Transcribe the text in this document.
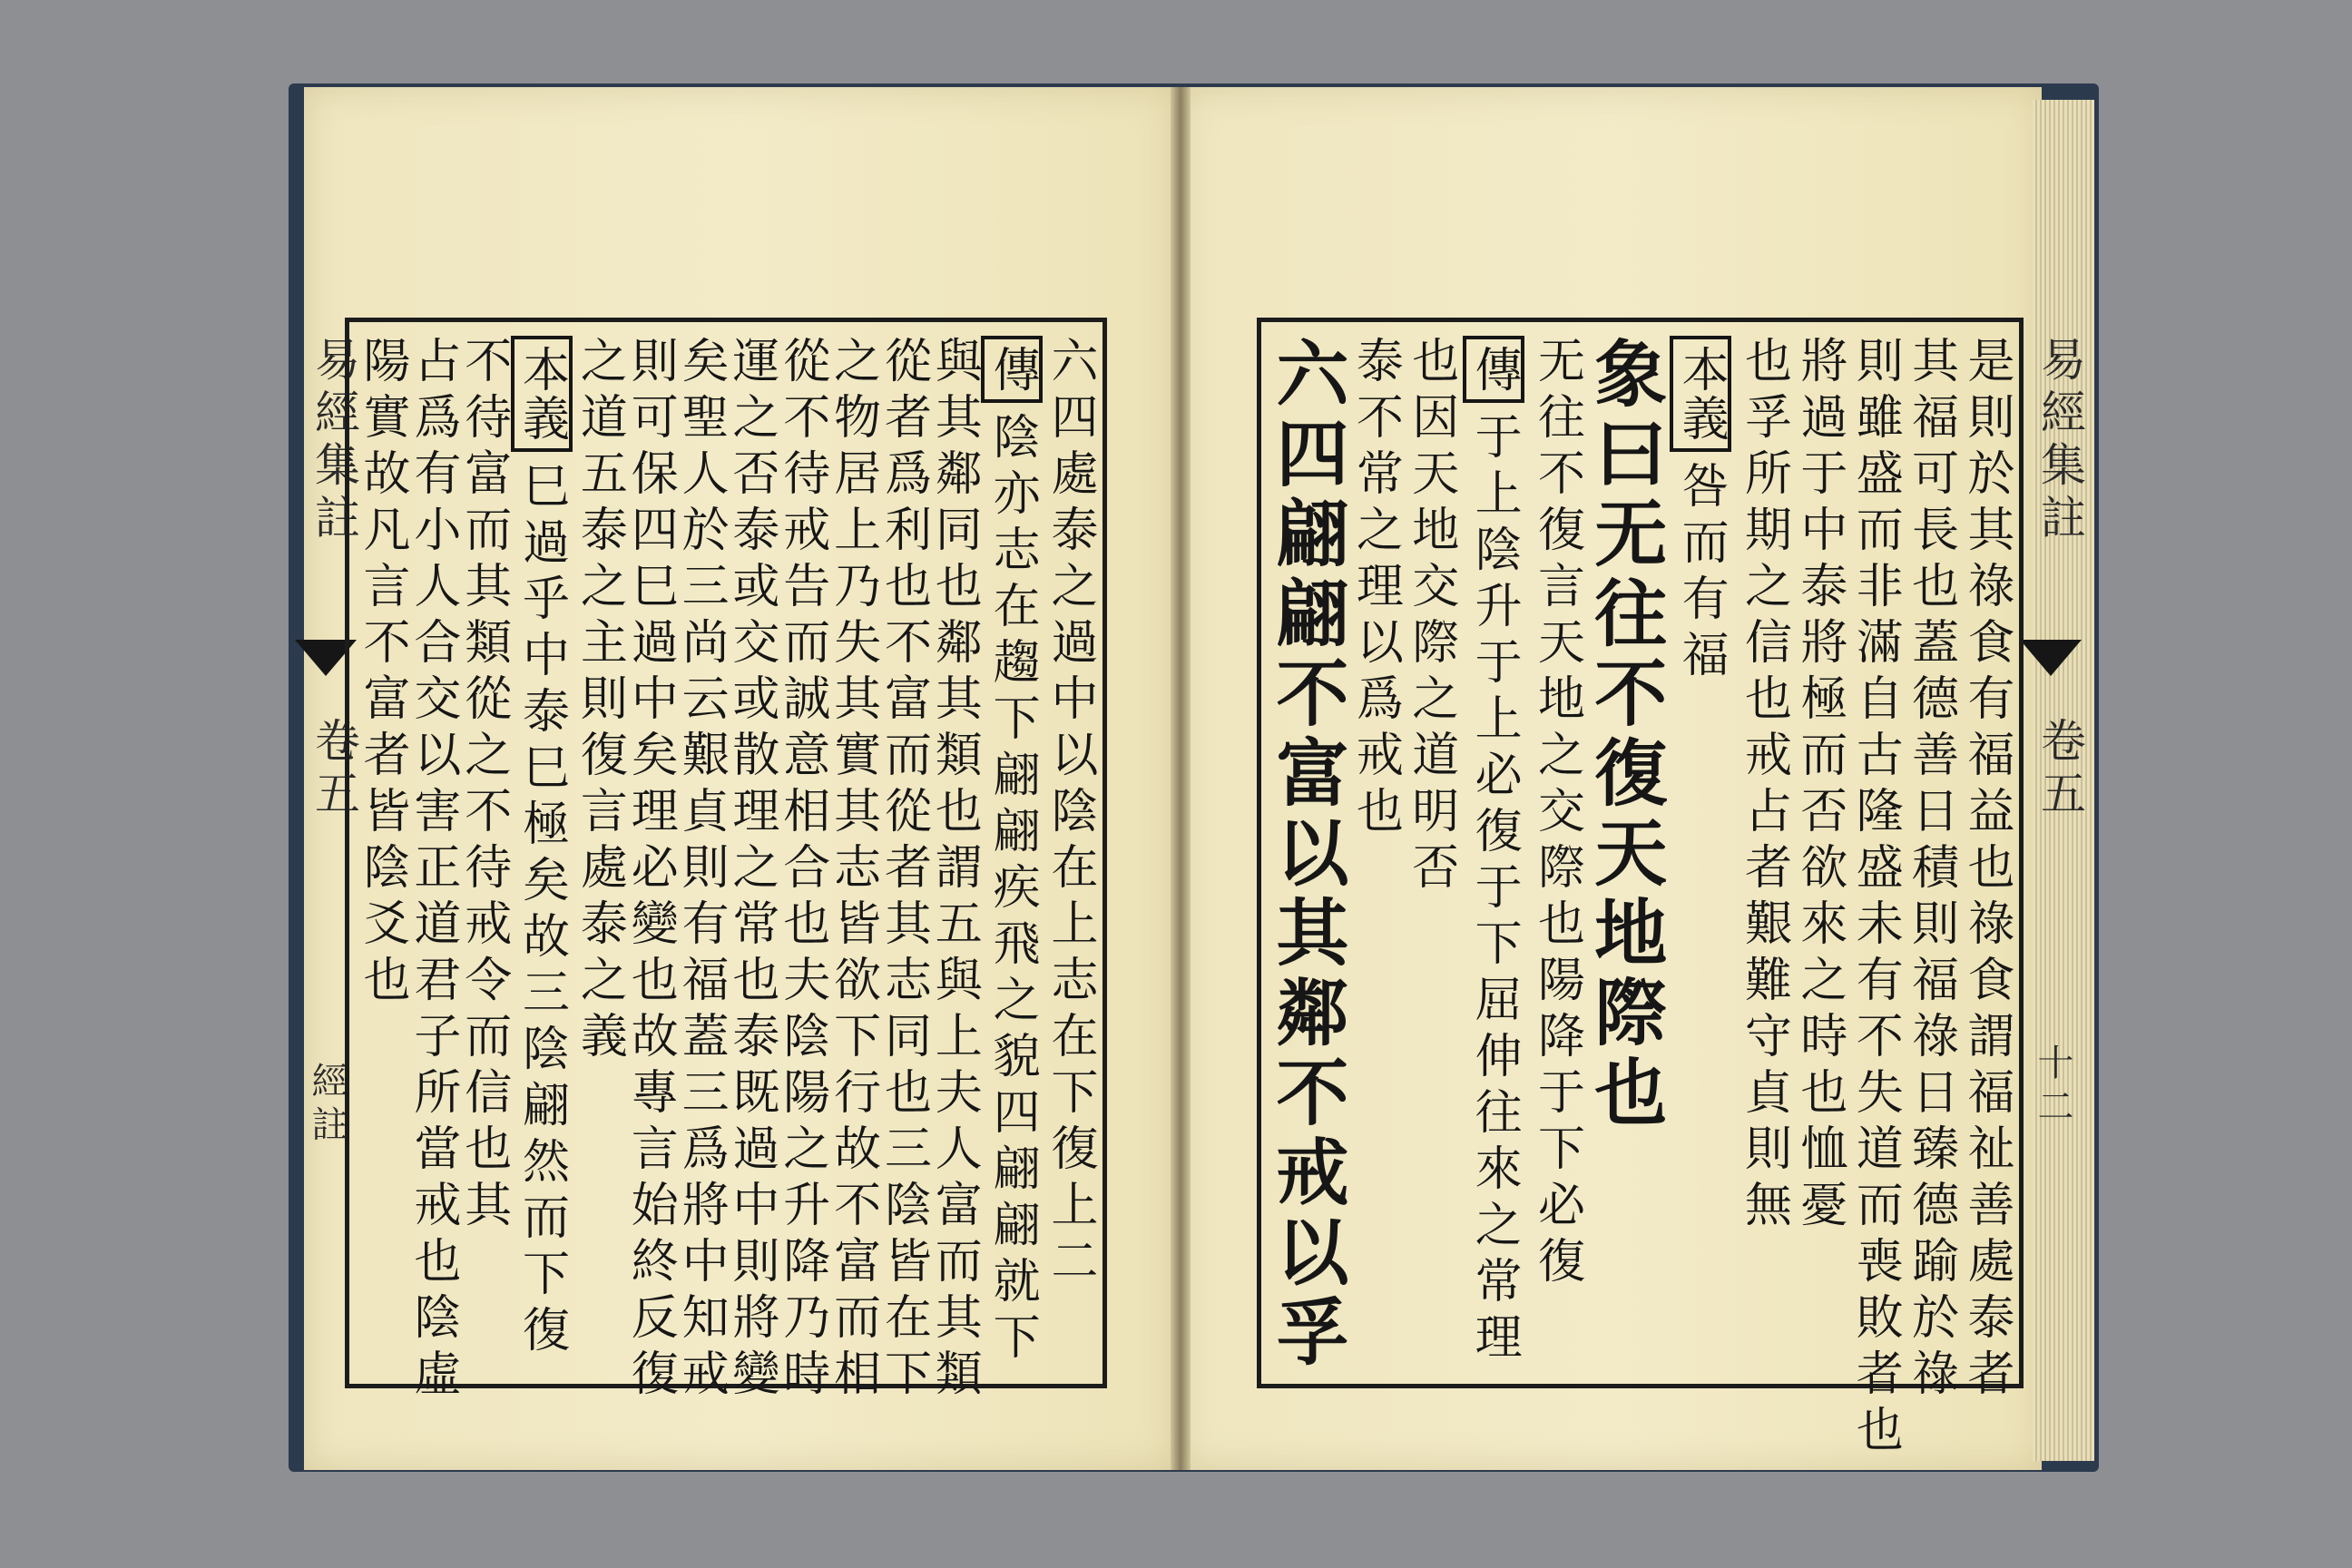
易經集註
卷五
經註
易經集註
卷五
十二
六四處泰之過中以陰在上志在下復上二
傳陰亦志在趨下翩翩疾飛之貌四翩翩就下
與其鄰同也鄰其類也謂五與上夫人富而其類
從者爲利也不富而從者其志同也三陰皆在下
之物居上乃失其實其志皆欲下行故不富而相
從不待戒告而誠意相合也夫陰陽之升降乃時
運之否泰或交或散理之常也泰既過中則將變
矣聖人於三尚云艱貞則有福蓋三爲將中知戒
則可保四巳過中矣理必變也故專言始終反復
之道五泰之主則復言處泰之義
本義巳過乎中泰巳極矣故三陰翩然而下復
不待富而其類從之不待戒令而信也其
占爲有小人合交以害正道君子所當戒也陰虛
陽實故凡言不富者皆陰爻也	是則於其祿食有福益也祿食謂福祉善處泰者
其福可長也蓋德善日積則福祿日臻德踰於祿
則雖盛而非滿自古隆盛未有不失道而喪敗者也
將過于中泰將極而否欲來之時也恤憂
也孚所期之信也戒占者艱難守貞則無
本義咎而有福
象曰无往不復天地際也
无往不復言天地之交際也陽降于下必復
傳于上陰升于上必復于下屈伸往來之常理
也因天地交際之道明否
泰不常之理以爲戒也
六四翩翩不富以其鄰不戒以孚
